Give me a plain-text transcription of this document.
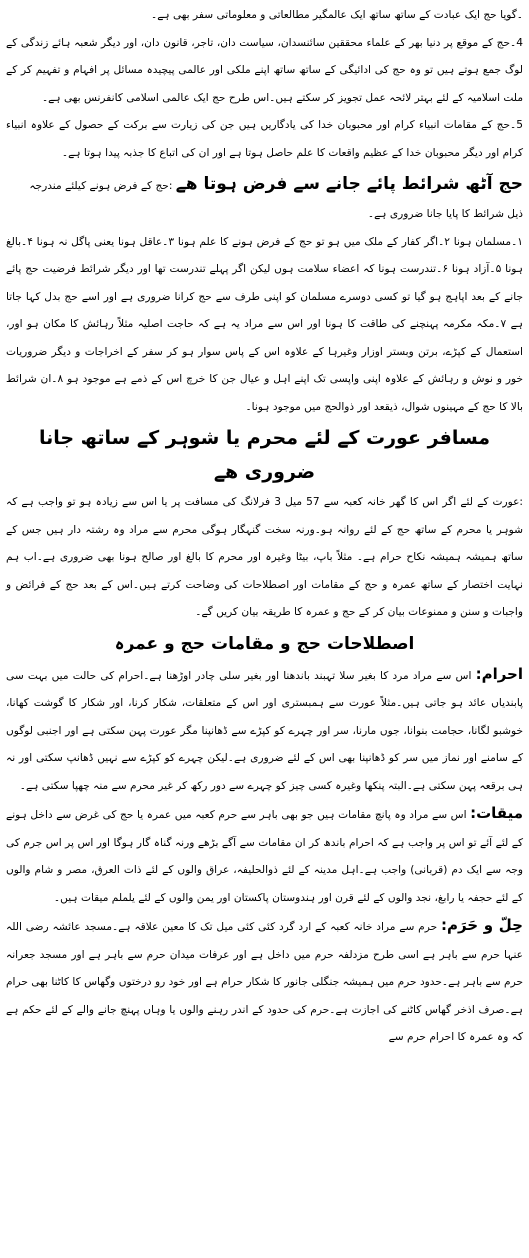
۔گویا حج ایک عبادت کے ساتھ ساتھ ایک عالمگیر مطالعاتی و معلوماتی سفر بھی ہے۔

4۔حج کے موقع پر دنیا بھر کے علماء محققین سائنسدان، سیاست دان، تاجر، قانون دان، اور دیگر شعبہ ہائے زندگی کے لوگ جمع ہوتے ہیں تو وہ حج کی ادائیگی کے ساتھ ساتھ اپنے ملکی اور عالمی پیچیدہ مسائل پر افہام و تفہیم کر کے ملت اسلامیہ کے لئے بہتر لائحہ عمل تجویز کر سکتے ہیں۔اس طرح حج ایک عالمی اسلامی کانفرنس بھی ہے۔

5۔حج کے مقامات انبیاء کرام اور محبوبان خدا کی یادگاریں ہیں جن کی زیارت سے برکت کے حصول کے علاوہ انبیاء کرام اور دیگر محبوبان خدا کے عظیم واقعات کا علم حاصل ہوتا ہے اور ان کی اتباع کا جذبہ پیدا ہوتا ہے۔

حج آٹھ شرائط پائے جانے سے فرض ہوتا ھے :حج کے فرض ہونے کیلئے مندرجہ

ذیل شرائط کا پایا جانا ضروری ہے۔

۱۔مسلمان ہونا ۲۔اگر کفار کے ملک میں ہو تو حج کے فرض ہونے کا علم ہونا ۳۔عاقل ہونا یعنی پاگل نہ ہونا ۴۔بالغ ہونا ۵۔آزاد ہونا ۶۔تندرست ہونا کہ اعضاء سلامت ہوں لیکن اگر پہلے تندرست تھا اور دیگر شرائط فرضیت حج پائے جانے کے بعد اپاہج ہو گیا تو کسی دوسرے مسلمان کو اپنی طرف سے حج کرانا ضروری ہے اور اسے حج بدل کہا جاتا ہے ۷۔مکہ مکرمہ پہنچنے کی طاقت کا ہونا اور اس سے مراد یہ ہے کہ حاجت اصلیہ مثلاً رہائش کا مکان ہو اور، استعمال کے کپڑے، برتن وبستر اوزار وغیرہا کے علاوہ اس کے پاس سوار ہو کر سفر کے اخراجات و دیگر ضروریات خور و نوش و رہائش کے علاوہ اپنی واپسی تک اپنے اہل و عیال جن کا خرچ اس کے ذمے ہے موجود ہو ۸۔ان شرائط بالا کا حج کے مہینوں شوال، ذیقعد اور ذوالحج میں موجود ہونا۔

مسافر عورت کے لئے محرم یا شوہر کے ساتھ جانا ضروری ھے

:عورت کے لئے اگر اس کا گھر خانہ کعبہ سے 57 میل 3 فرلانگ کی مسافت پر یا اس سے زیادہ ہو تو واجب ہے کہ شوہر یا محرم کے ساتھ حج کے لئے روانہ ہو۔ورنہ سخت گنہگار ہوگی محرم سے مراد وہ رشتہ دار ہیں جس کے ساتھ ہمیشہ ہمیشہ نکاح حرام ہے۔ مثلاً باپ، بیٹا وغیرہ اور محرم کا بالغ اور صالح ہونا بھی ضروری ہے۔اب ہم نہایت اختصار کے ساتھ عمرہ و حج کے مقامات اور اصطلاحات کی وضاحت کرتے ہیں۔اس کے بعد حج کے فرائض و واجبات و سنن و ممنوعات بیان کر کے حج و عمرہ کا طریقہ بیان کریں گے۔

اصطلاحات حج و مقامات حج و عمرہ

احرام: اس سے مراد مرد کا بغیر سلا تہبند باندھنا اور بغیر سلی چادر اوڑھنا ہے۔احرام کی حالت میں بہت سی پابندیاں عائد ہو جاتی ہیں۔مثلاً عورت سے ہمبستری اور اس کے متعلقات، شکار کرنا، اور شکار کا گوشت کھانا، خوشبو لگانا، حجامت بنوانا، جوں مارنا، سر اور چہرے کو کپڑے سے ڈھانپنا مگر عورت پہن سکتی ہے اور اجنبی لوگوں کے سامنے اور نماز میں سر کو ڈھانپنا بھی اس کے لئے ضروری ہے۔لیکن چہرے کو کپڑے سے نہیں ڈھانپ سکتی اور نہ ہی برقعہ پہن سکتی ہے۔البتہ پنکھا وغیرہ کسی چیز کو چہرے سے دور رکھ کر غیر محرم سے منہ چھپا سکتی ہے۔

میقات: اس سے مراد وہ پانچ مقامات ہیں جو بھی باہر سے حرم کعبہ میں عمرہ یا حج کی غرض سے داخل ہونے کے لئے آئے تو اس پر واجب ہے کہ احرام باندھ کر ان مقامات سے آگے بڑھے ورنہ گناہ گار ہوگا اور اس پر اس جرم کی وجہ سے ایک دم (قربانی) واجب ہے۔اہل مدینہ کے لئے ذوالحلیفہ، عراق والوں کے لئے ذات العرق، مصر و شام والوں کے لئے حجفہ یا رابغ، نجد والوں کے لئے قرن اور ہندوستان پاکستان اور یمن والوں کے لئے یلملم میقات ہیں۔

حِلّ و حَرَم: حرم سے مراد خانہ کعبہ کے ارد گرد کئی کئی میل تک کا معین علاقہ ہے۔مسجد عائشہ رضی اللہ عنہا حرم سے باہر ہے اسی طرح مزدلفہ حرم میں داخل ہے اور عرفات میدان حرم سے باہر ہے اور مسجد جعرانہ حرم سے باہر ہے۔حدود حرم میں ہمیشہ جنگلی جانور کا شکار حرام ہے اور خود رو درختوں وگھاس کا کاٹنا بھی حرام ہے۔صرف اذخر گھاس کاٹنے کی اجازت ہے۔حرم کی حدود کے اندر رہنے والوں یا وہاں پہنچ جانے والے کے لئے حکم ہے کہ وہ عمرہ کا احرام حرم سے
